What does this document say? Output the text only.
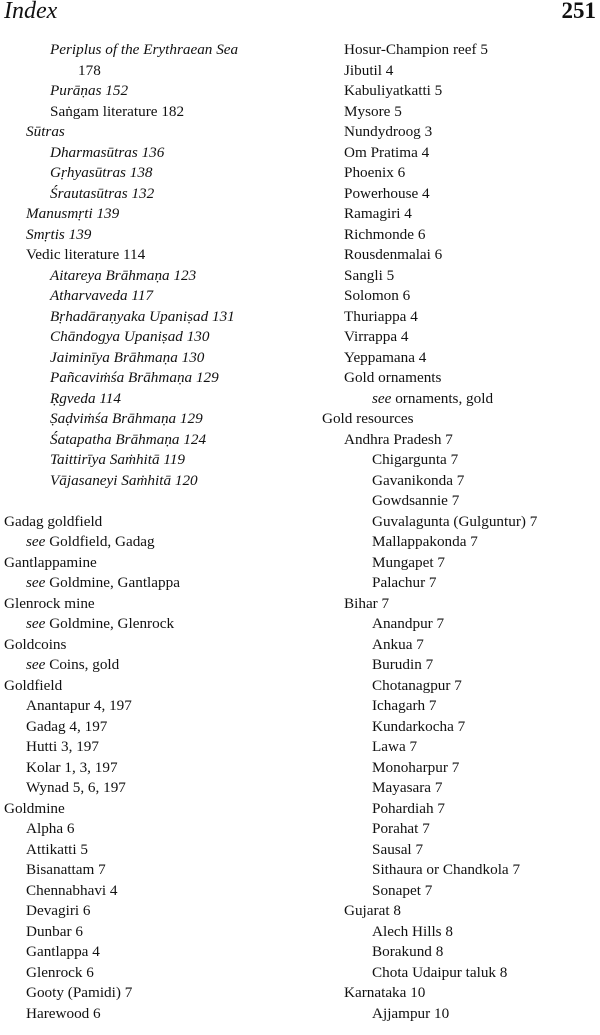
Index	251
Periplus of the Erythraean Sea
178
Purāṇas 152
Saṅgam literature 182
Sūtras
Dharmasūtras 136
Gṛhyasūtras 138
Śrautasūtras 132
Manusmṛti 139
Smṛtis 139
Vedic literature 114
Aitareya Brāhmaṇa 123
Atharvaveda 117
Bṛhadāraṇyaka Upaniṣad 131
Chāndogya Upaniṣad 130
Jaiminīya Brāhmaṇa 130
Pañcaviṁśa Brāhmaṇa 129
Ṛgveda 114
Ṣaḍviṁśa Brāhmaṇa 129
Śatapatha Brāhmaṇa 124
Taittirīya Saṁhitā 119
Vājasaneyi Saṁhitā 120
Gadag goldfield
see Goldfield, Gadag
Gantlappamine
see Goldmine, Gantlappa
Glenrock mine
see Goldmine, Glenrock
Goldcoins
see Coins, gold
Goldfield
Anantapur 4, 197
Gadag 4, 197
Hutti 3, 197
Kolar 1, 3, 197
Wynad 5, 6, 197
Goldmine
Alpha 6
Attikatti 5
Bisanattam 7
Chennabhavi 4
Devagiri 6
Dunbar 6
Gantlappa 4
Glenrock 6
Gooty (Pamidi) 7
Harewood 6
Hosur-Champion reef 5
Jibutil 4
Kabuliyatkatti 5
Mysore 5
Nundydroog 3
Om Pratima 4
Phoenix 6
Powerhouse 4
Ramagiri 4
Richmonde 6
Rousdenmalai 6
Sangli 5
Solomon 6
Thuriappa 4
Virrappa 4
Yeppamana 4
Gold ornaments
see ornaments, gold
Gold resources
Andhra Pradesh 7
Chigargunta 7
Gavanikonda 7
Gowdsannie 7
Guvalagunta (Gulguntur) 7
Mallappakonda 7
Mungapet 7
Palachur 7
Bihar 7
Anandpur 7
Ankua 7
Burudin 7
Chotanagpur 7
Ichagarh 7
Kundarkocha 7
Lawa 7
Monoharpur 7
Mayasara 7
Pohardiah 7
Porahat 7
Sausal 7
Sithaura or Chandkola 7
Sonapet 7
Gujarat 8
Alech Hills 8
Borakund 8
Chota Udaipur taluk 8
Karnataka 10
Ajjampur 10
